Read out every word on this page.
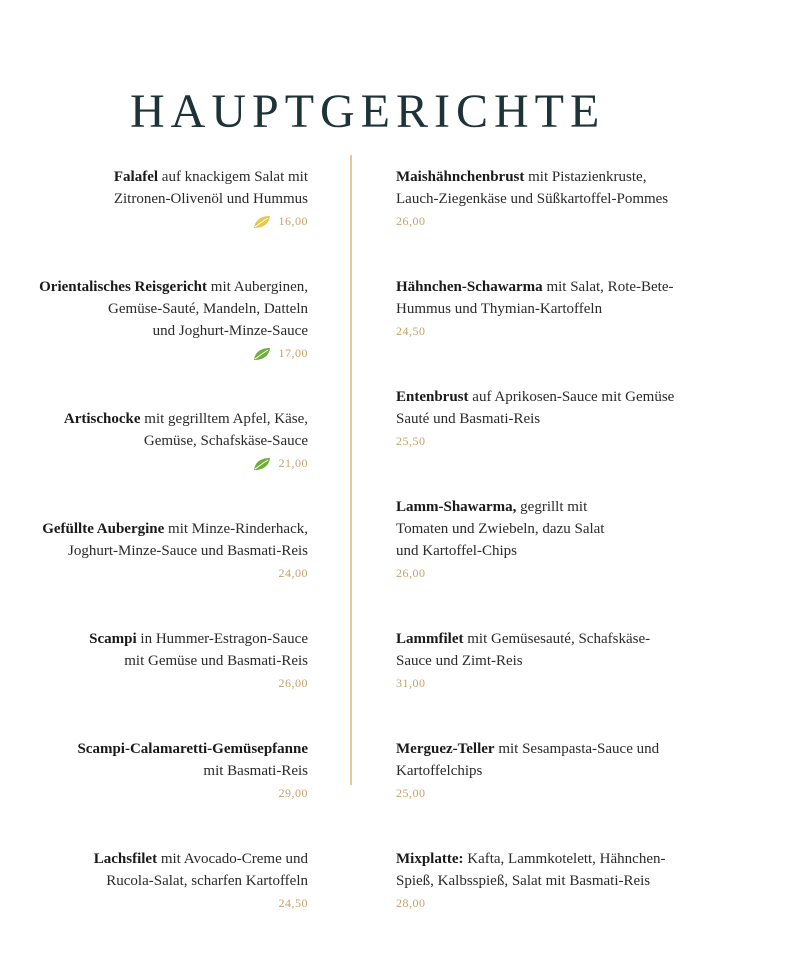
HAUPTGERICHTE
Falafel auf knackigem Salat mit
Zitronen-Olivenöl und Hummus
16,00
Orientalisches Reisgericht mit Auberginen,
Gemüse-Sauté, Mandeln, Datteln
und Joghurt-Minze-Sauce
17,00
Artischocke mit gegrilltem Apfel, Käse,
Gemüse, Schafskäse-Sauce
21,00
Gefüllte Aubergine mit Minze-Rinderhack,
Joghurt-Minze-Sauce und Basmati-Reis
24,00
Scampi in Hummer-Estragon-Sauce
mit Gemüse und Basmati-Reis
26,00
Scampi-Calamaretti-Gemüsepfanne
mit Basmati-Reis
29,00
Lachsfilet mit Avocado-Creme und
Rucola-Salat, scharfen Kartoffeln
24,50
Maishähnchenbrust mit Pistazienkruste,
Lauch-Ziegenkäse und Süßkartoffel-Pommes
26,00
Hähnchen-Schawarma mit Salat, Rote-Bete-
Hummus und Thymian-Kartoffeln
24,50
Entenbrust auf Aprikosen-Sauce mit Gemüse
Sauté und Basmati-Reis
25,50
Lamm-Shawarma, gegrillt mit
Tomaten und Zwiebeln, dazu Salat
und Kartoffel-Chips
26,00
Lammfilet mit Gemüsesauté, Schafskäse-
Sauce und Zimt-Reis
31,00
Merguez-Teller mit Sesampasta-Sauce und
Kartoffelchips
25,00
Mixplatte: Kafta, Lammkotelett, Hähnchen-
Spieß, Kalbsspieß, Salat mit Basmati-Reis
28,00
